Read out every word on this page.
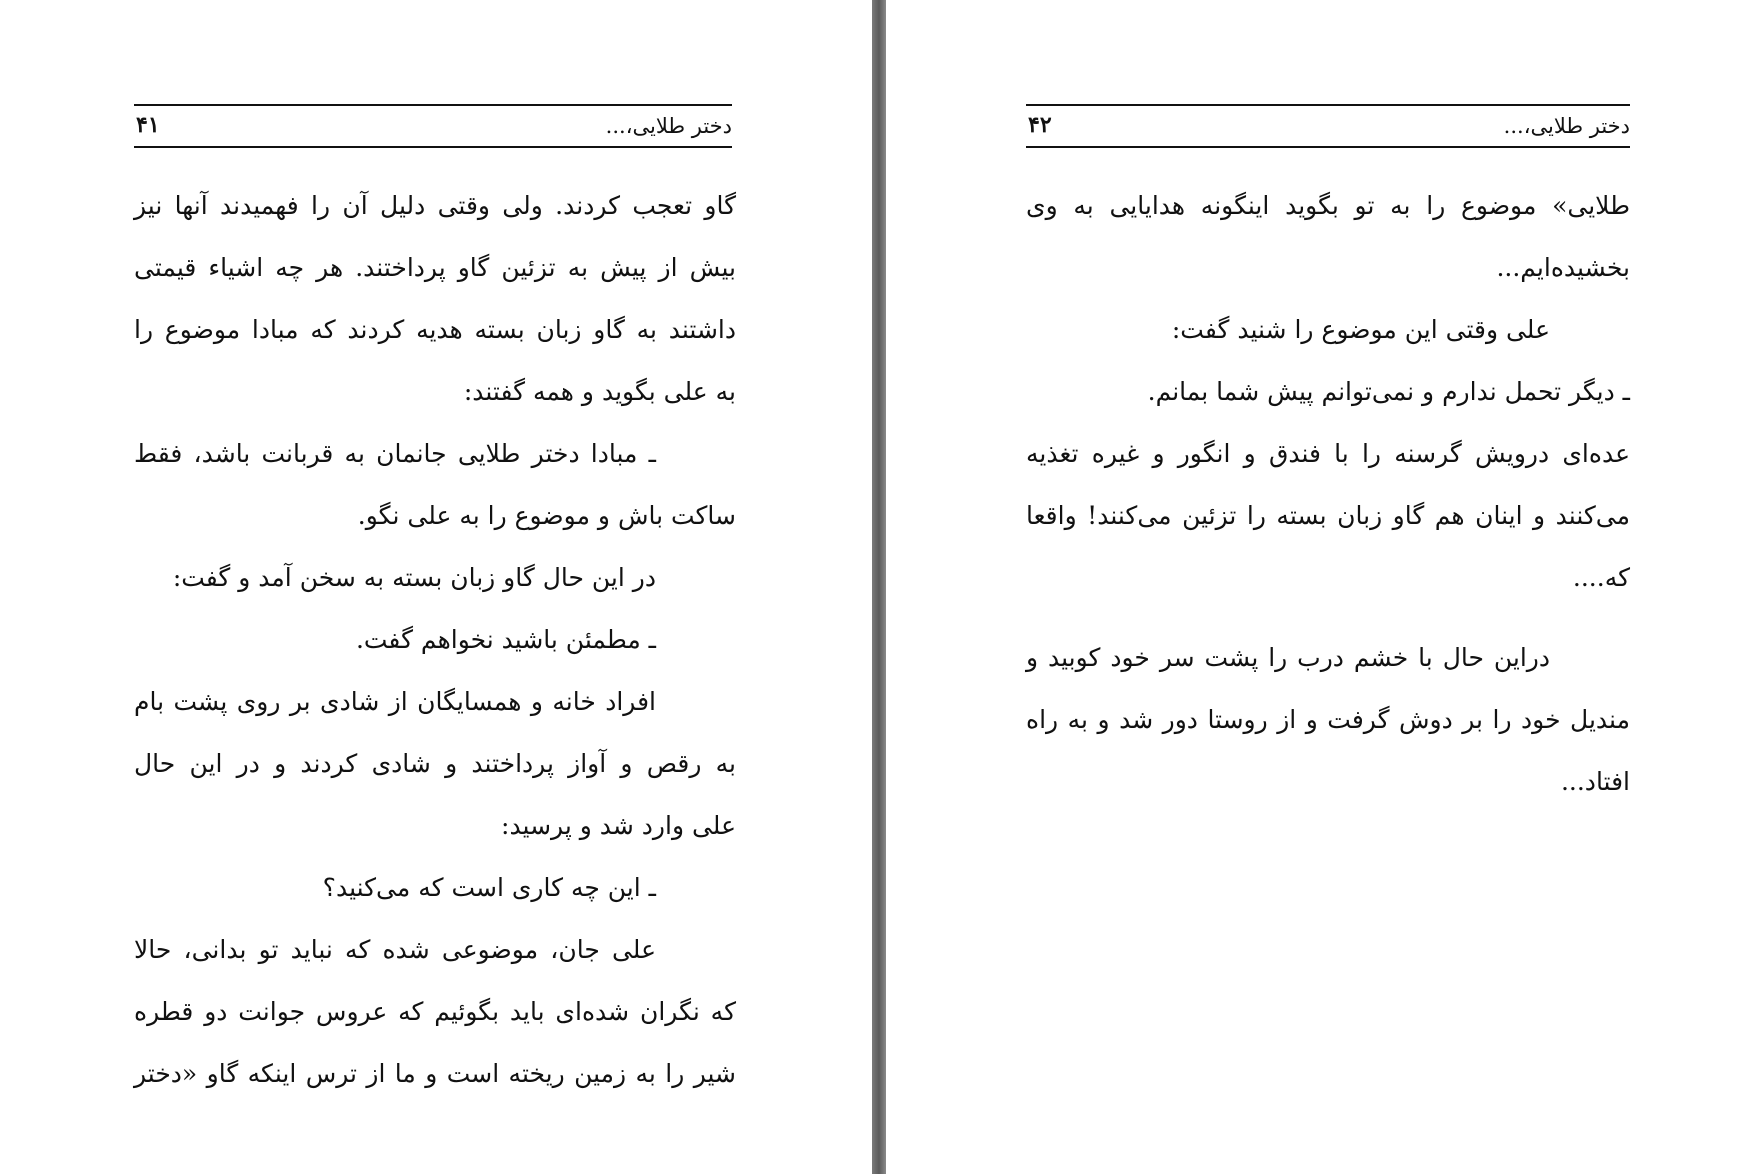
دختر طلایی،...
۴۱	دختر طلایی،...
۴۲
گاو تعجب کردند. ولی وقتی دلیل آن را فهمیدند آنها نیز
بیش از پیش به تزئین گاو پرداختند. هر چه اشیاء قیمتی
داشتند به گاو زبان بسته هدیه کردند که مبادا موضوع را
به علی بگوید و همه گفتند:
ـ مبادا دختر طلایی جانمان به قربانت باشد، فقط
ساکت باش و موضوع را به علی نگو.
در این حال گاو زبان بسته به سخن آمد و گفت:
ـ مطمئن باشید نخواهم گفت.
افراد خانه و همسایگان از شادی بر روی پشت بام
به رقص و آواز پرداختند و شادی کردند و در این حال
علی وارد شد و پرسید:
ـ این چه کاری است که می‌کنید؟
علی جان، موضوعی شده که نباید تو بدانی، حالا
که نگران شده‌ای باید بگوئیم که عروس جوانت دو قطره
شیر را به زمین ریخته است و ما از ترس اینکه گاو «دختر
طلایی» موضوع را به تو بگوید اینگونه هدایایی به وی
بخشیده‌ایم...
علی وقتی این موضوع را شنید گفت:
ـ دیگر تحمل ندارم و نمی‌توانم پیش شما بمانم.
عده‌ای درویش گرسنه را با فندق و انگور و غیره تغذیه
می‌کنند و اینان هم گاو زبان بسته را تزئین می‌کنند! واقعا
که....
دراین حال با خشم درب را پشت سر خود کوبید و
مندیل خود را بر دوش گرفت و از روستا دور شد و به راه
افتاد...
